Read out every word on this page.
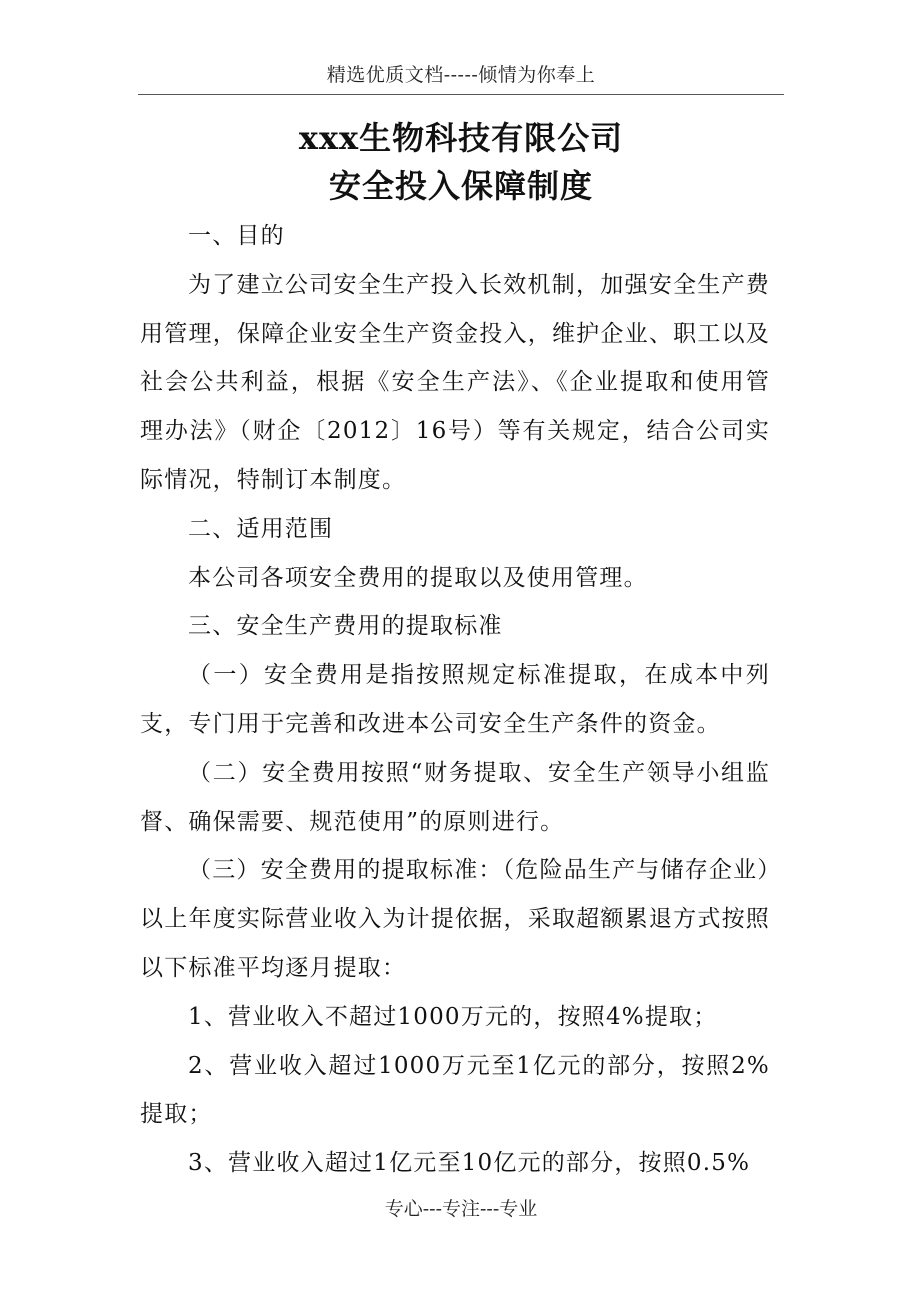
精选优质文档-----倾情为你奉上
xxx生物科技有限公司
安全投入保障制度

一、目的

为了建立公司安全生产投入长效机制，加强安全生产费用管理，保障企业安全生产资金投入，维护企业、职工以及社会公共利益，根据《安全生产法》、《企业提取和使用管理办法》（财企〔2012〕16号）等有关规定，结合公司实际情况，特制订本制度。

二、适用范围

本公司各项安全费用的提取以及使用管理。

三、安全生产费用的提取标准

（一）安全费用是指按照规定标准提取，在成本中列支，专门用于完善和改进本公司安全生产条件的资金。

（二）安全费用按照“财务提取、安全生产领导小组监督、确保需要、规范使用”的原则进行。

（三）安全费用的提取标准：（危险品生产与储存企业）以上年度实际营业收入为计提依据，采取超额累退方式按照以下标准平均逐月提取：

1、营业收入不超过1000万元的，按照4%提取；

2、营业收入超过1000万元至1亿元的部分，按照2%提取；

3、营业收入超过1亿元至10亿元的部分，按照0.5%

专心---专注---专业
